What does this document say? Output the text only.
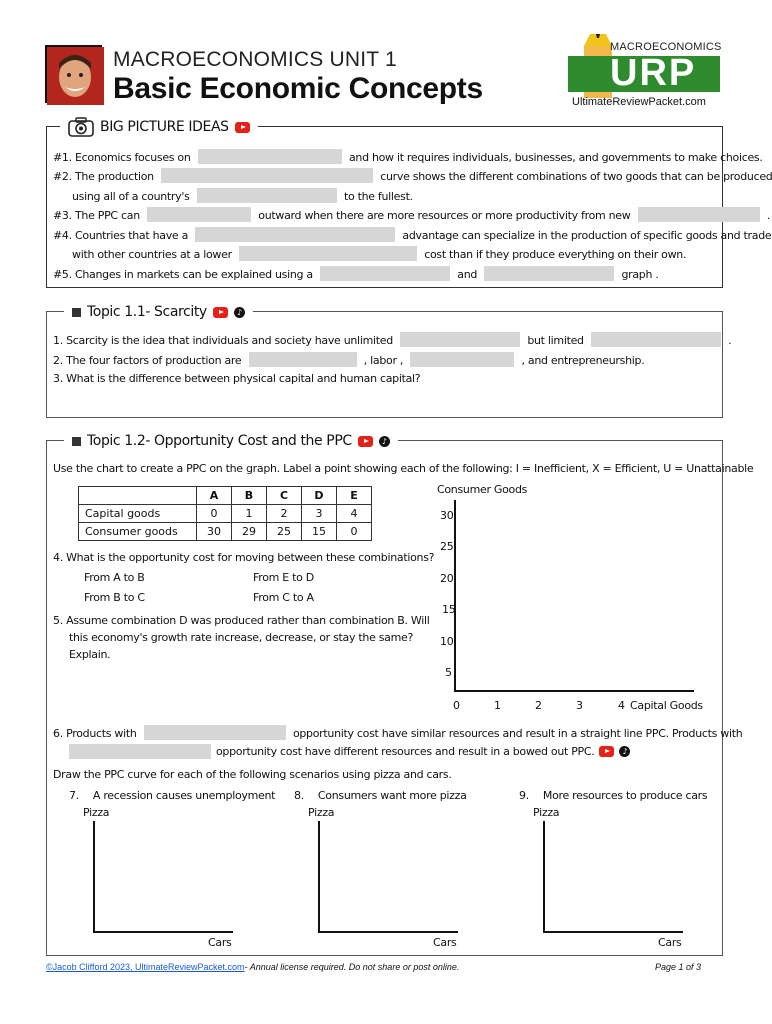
MACROECONOMICS UNIT 1
Basic Economic Concepts
MACROECONOMICS
URP
UltimateReviewPacket.com
BIG PICTURE IDEAS
#1. Economics focuses on	and how it requires individuals, businesses, and governments to make choices.
#2. The production	curve shows the different combinations of two goods that can be produced
using all of a country's	to the fullest.
#3. The PPC can	outward when there are more resources or more productivity from new	.
#4. Countries that have a	advantage can specialize in the production of specific goods and trade
with other countries at a lower	cost than if they produce everything on their own.
#5. Changes in markets can be explained using a	and	graph .
Topic 1.1- Scarcity	♪
1. Scarcity is the idea that individuals and society have unlimited	but limited	.
2. The four factors of production are	, labor ,	, and entrepreneurship.
3. What is the difference between physical capital and human capital?
Topic 1.2- Opportunity Cost and the PPC	♪
Use the chart to create a PPC on the graph. Label a point showing each of the following: I = Inefficient, X = Efficient, U = Unattainable
	A	B	C	D	E
Capital goods	0	1	2	3	4
Consumer goods	30	29	25	15	0
4. What is the opportunity cost for moving between these combinations?
From A to B	From E to D
From B to C	From C to A
5. Assume combination D was produced rather than combination B. Will
this economy's growth rate increase, decrease, or stay the same?
Explain.
Consumer Goods
30
25
20
15
10
5
0	1	2	3	4 Capital Goods
6. Products with	opportunity cost have similar resources and result in a straight line PPC. Products with
opportunity cost have different resources and result in a bowed out PPC.	♪
Draw the PPC curve for each of the following scenarios using pizza and cars.
7. A recession causes unemployment
Pizza
Cars
8. Consumers want more pizza
Pizza
Cars
9. More resources to produce cars
Pizza
Cars
©Jacob Clifford 2023, UltimateReviewPacket.com- Annual license required. Do not share or post online.	Page 1 of 3
